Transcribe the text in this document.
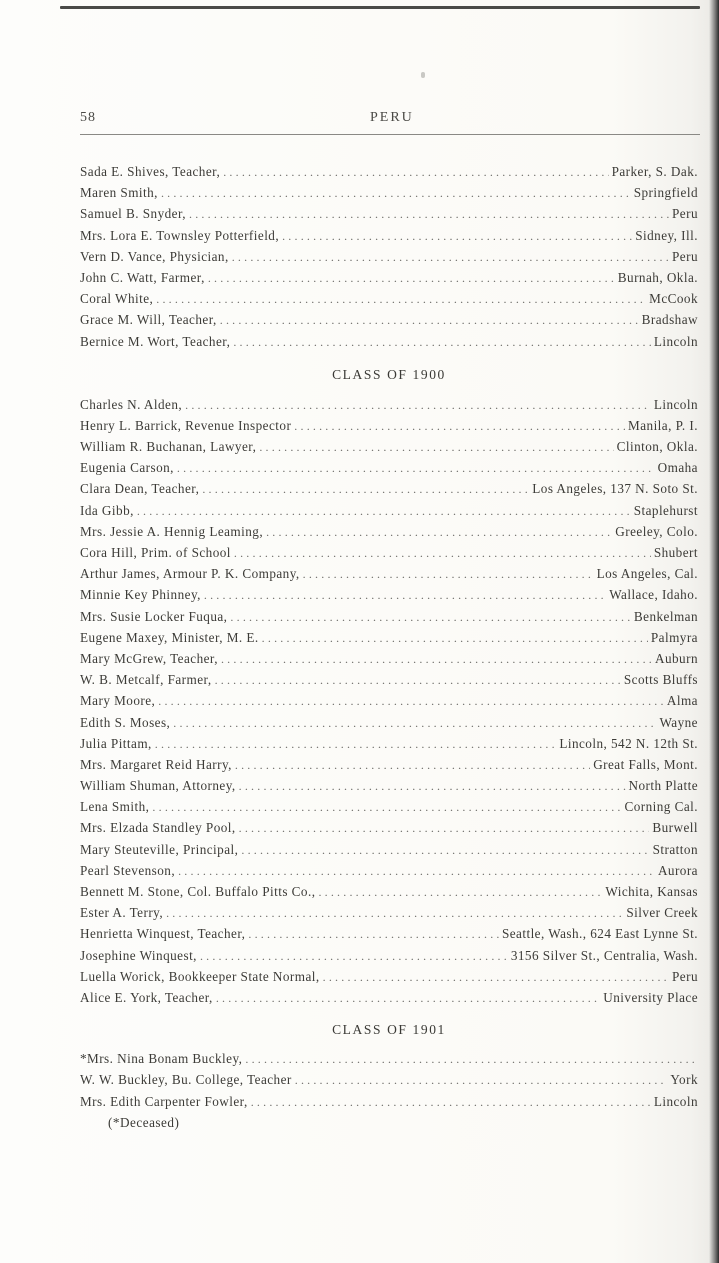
58	PERU
Sada E. Shives, Teacher, .....	Parker, S. Dak.
Maren Smith, .....	Springfield
Samuel B. Snyder, .....	Peru
Mrs. Lora E. Townsley Potterfield, .....	Sidney, Ill.
Vern D. Vance, Physician, .....	Peru
John C. Watt, Farmer, .....	Burnah, Okla.
Coral White, .....	McCook
Grace M. Will, Teacher, .....	Bradshaw
Bernice M. Wort, Teacher, .....	Lincoln
CLASS OF 1900
Charles N. Alden, .....	Lincoln
Henry L. Barrick, Revenue Inspector .....	Manila, P. I.
William R. Buchanan, Lawyer, .....	Clinton, Okla.
Eugenia Carson, .....	Omaha
Clara Dean, Teacher, .....	Los Angeles, 137 N. Soto St.
Ida Gibb, .....	Staplehurst
Mrs. Jessie A. Hennig Leaming, .....	Greeley, Colo.
Cora Hill, Prim. of School .....	Shubert
Arthur James, Armour P. K. Company, .....	Los Angeles, Cal.
Minnie Key Phinney, .....	Wallace, Idaho.
Mrs. Susie Locker Fuqua, .....	Benkelman
Eugene Maxey, Minister, M. E. .....	Palmyra
Mary McGrew, Teacher, .....	Auburn
W. B. Metcalf, Farmer, .....	Scotts Bluffs
Mary Moore, .....	Alma
Edith S. Moses, .....	Wayne
Julia Pittam, .....	Lincoln, 542 N. 12th St.
Mrs. Margaret Reid Harry, .....	Great Falls, Mont.
William Shuman, Attorney, .....	North Platte
Lena Smith, .....	Corning Cal.
Mrs. Elzada Standley Pool, .....	Burwell
Mary Steuteville, Principal, .....	Stratton
Pearl Stevenson, .....	Aurora
Bennett M. Stone, Col. Buffalo Pitts Co., .....	Wichita, Kansas
Ester A. Terry, .....	Silver Creek
Henrietta Winquest, Teacher, .....	Seattle, Wash., 624 East Lynne St.
Josephine Winquest, .....	3156 Silver St., Centralia, Wash.
Luella Worick, Bookkeeper State Normal, .....	Peru
Alice E. York, Teacher, .....	University Place
CLASS OF 1901
*Mrs. Nina Bonam Buckley,
.....
W. W. Buckley, Bu. College, Teacher .....	York
Mrs. Edith Carpenter Fowler, .....	Lincoln
(*Deceased)
